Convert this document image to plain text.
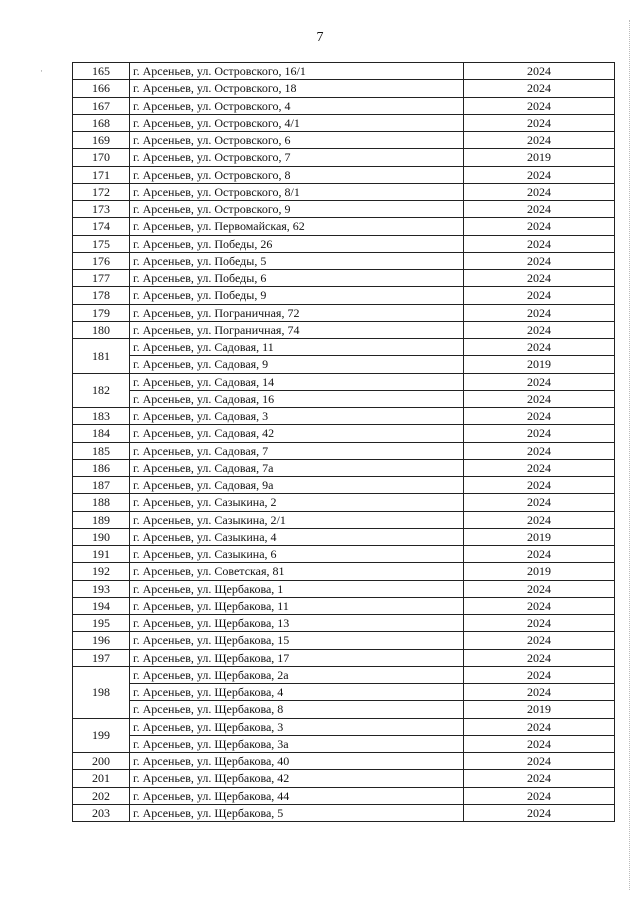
7
·	165	г. Арсеньев, ул. Островского, 16/1	2024
166	г. Арсеньев, ул. Островского, 18	2024
167	г. Арсеньев, ул. Островского, 4	2024
168	г. Арсеньев, ул. Островского, 4/1	2024
169	г. Арсеньев, ул. Островского, 6	2024
170	г. Арсеньев, ул. Островского, 7	2019
171	г. Арсеньев, ул. Островского, 8	2024
172	г. Арсеньев, ул. Островского, 8/1	2024
173	г. Арсеньев, ул. Островского, 9	2024
174	г. Арсеньев, ул. Первомайская, 62	2024
175	г. Арсеньев, ул. Победы, 26	2024
176	г. Арсеньев, ул. Победы, 5	2024
177	г. Арсеньев, ул. Победы, 6	2024
178	г. Арсеньев, ул. Победы, 9	2024
179	г. Арсеньев, ул. Пограничная, 72	2024
180	г. Арсеньев, ул. Пограничная, 74	2024
181	г. Арсеньев, ул. Садовая, 11	2024
	г. Арсеньев, ул. Садовая, 9	2019
182	г. Арсеньев, ул. Садовая, 14	2024
	г. Арсеньев, ул. Садовая, 16	2024
183	г. Арсеньев, ул. Садовая, 3	2024
184	г. Арсеньев, ул. Садовая, 42	2024
185	г. Арсеньев, ул. Садовая, 7	2024
186	г. Арсеньев, ул. Садовая, 7а	2024
187	г. Арсеньев, ул. Садовая, 9а	2024
188	г. Арсеньев, ул. Сазыкина, 2	2024
189	г. Арсеньев, ул. Сазыкина, 2/1	2024
190	г. Арсеньев, ул. Сазыкина, 4	2019
191	г. Арсеньев, ул. Сазыкина, 6	2024
192	г. Арсеньев, ул. Советская, 81	2019
193	г. Арсеньев, ул. Щербакова, 1	2024
194	г. Арсеньев, ул. Щербакова, 11	2024
195	г. Арсеньев, ул. Щербакова, 13	2024
196	г. Арсеньев, ул. Щербакова, 15	2024
197	г. Арсеньев, ул. Щербакова, 17	2024
198	г. Арсеньев, ул. Щербакова, 2а	2024
	г. Арсеньев, ул. Щербакова, 4	2024
	г. Арсеньев, ул. Щербакова, 8	2019
199	г. Арсеньев, ул. Щербакова, 3	2024
	г. Арсеньев, ул. Щербакова, 3а	2024
200	г. Арсеньев, ул. Щербакова, 40	2024
201	г. Арсеньев, ул. Щербакова, 42	2024
202	г. Арсеньев, ул. Щербакова, 44	2024
203	г. Арсеньев, ул. Щербакова, 5	2024
